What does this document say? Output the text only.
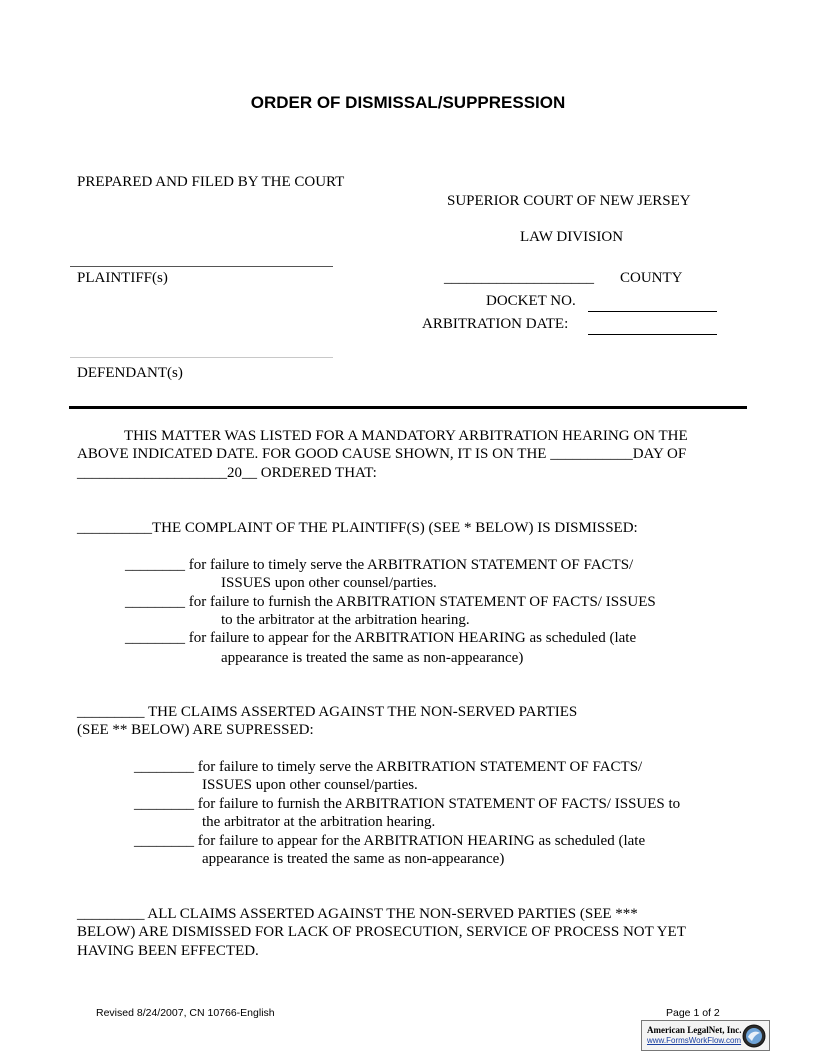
ORDER OF DISMISSAL/SUPPRESSION
PREPARED AND FILED BY THE COURT
PLAINTIFF(s)
DEFENDANT(s)
SUPERIOR COURT OF NEW JERSEY
LAW DIVISION
____________________ COUNTY
DOCKET NO.
ARBITRATION DATE:
THIS MATTER WAS LISTED FOR A MANDATORY ARBITRATION HEARING ON THE
ABOVE INDICATED DATE. FOR GOOD CAUSE SHOWN, IT IS ON THE ___________DAY OF
____________________20__ ORDERED THAT:
__________THE COMPLAINT OF THE PLAINTIFF(S) (SEE * BELOW) IS DISMISSED:
________ for failure to timely serve the ARBITRATION STATEMENT OF FACTS/
ISSUES upon other counsel/parties.
________ for failure to furnish the ARBITRATION STATEMENT OF FACTS/ ISSUES
to the arbitrator at the arbitration hearing.
________ for failure to appear for the ARBITRATION HEARING as scheduled (late
appearance is treated the same as non-appearance)
_________ THE CLAIMS ASSERTED AGAINST THE NON-SERVED PARTIES
(SEE ** BELOW) ARE SUPRESSED:
________ for failure to timely serve the ARBITRATION STATEMENT OF FACTS/
ISSUES upon other counsel/parties.
________ for failure to furnish the ARBITRATION STATEMENT OF FACTS/ ISSUES to
the arbitrator at the arbitration hearing.
________ for failure to appear for the ARBITRATION HEARING as scheduled (late
appearance is treated the same as non-appearance)
_________ ALL CLAIMS ASSERTED AGAINST THE NON-SERVED PARTIES (SEE ***
BELOW) ARE DISMISSED FOR LACK OF PROSECUTION, SERVICE OF PROCESS NOT YET
HAVING BEEN EFFECTED.
Revised 8/24/2007, CN 10766-English	Page 1 of 2
American LegalNet, Inc.
www.FormsWorkFlow.com
